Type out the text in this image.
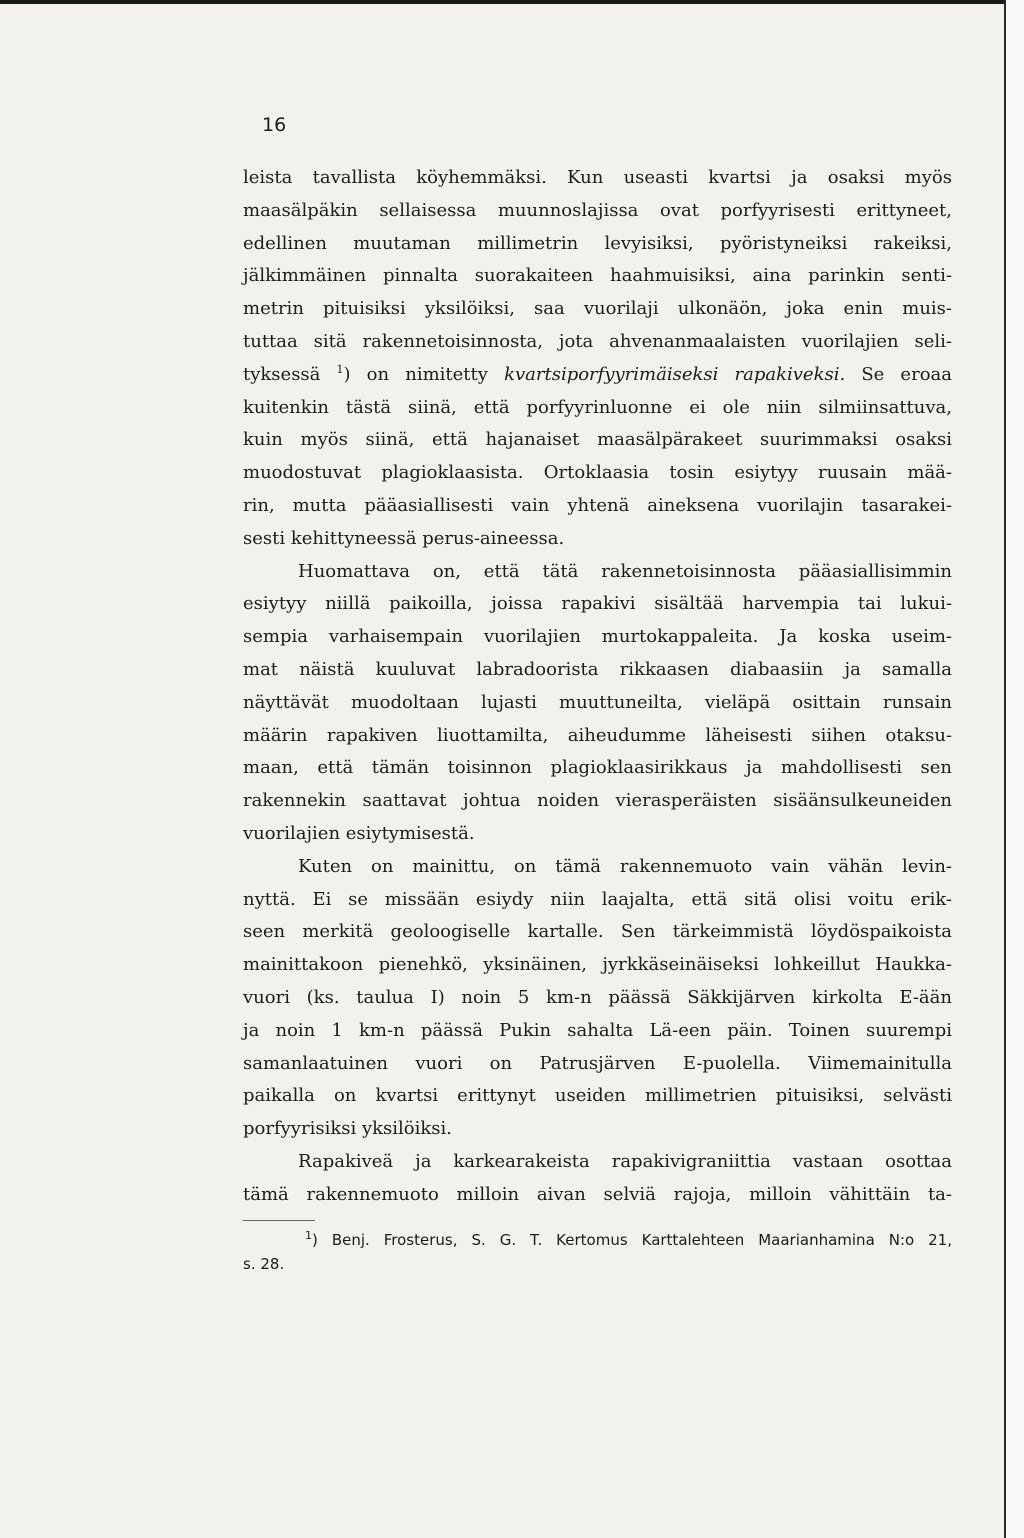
16
leista tavallista köyhemmäksi. Kun useasti kvartsi ja osaksi myös
maasälpäkin sellaisessa muunnoslajissa ovat porfyyrisesti erittyneet,
edellinen muutaman millimetrin levyisiksi, pyöristyneiksi rakeiksi,
jälkimmäinen pinnalta suorakaiteen haahmuisiksi, aina parinkin senti-
metrin pituisiksi yksilöiksi, saa vuorilaji ulkonäön, joka enin muis-
tuttaa sitä rakennetoisinnosta, jota ahvenanmaalaisten vuorilajien seli-
tyksessä $^1$) on nimitetty kvartsiporfyyrimäiseksi rapakiveksi. Se eroaa
kuitenkin tästä siinä, että porfyyrinluonne ei ole niin silmiinsattuva,
kuin myös siinä, että hajanaiset maasälpärakeet suurimmaksi osaksi
muodostuvat plagioklaasista. Ortoklaasia tosin esiytyy ruusain mää-
rin, mutta pääasiallisesti vain yhtenä aineksena vuorilajin tasarakei-
sesti kehittyneessä perus-aineessa.
Huomattava on, että tätä rakennetoisinnosta pääasiallisimmin
esiytyy niillä paikoilla, joissa rapakivi sisältää harvempia tai lukui-
sempia varhaisempain vuorilajien murtokappaleita. Ja koska useim-
mat näistä kuuluvat labradoorista rikkaasen diabaasiin ja samalla
näyttävät muodoltaan lujasti muuttuneilta, vieläpä osittain runsain
määrin rapakiven liuottamilta, aiheudumme läheisesti siihen otaksu-
maan, että tämän toisinnon plagioklaasirikkaus ja mahdollisesti sen
rakennekin saattavat johtua noiden vierasperäisten sisäänsulkeuneiden
vuorilajien esiytymisestä.
Kuten on mainittu, on tämä rakennemuoto vain vähän levin-
nyttä. Ei se missään esiydy niin laajalta, että sitä olisi voitu erik-
seen merkitä geoloogiselle kartalle. Sen tärkeimmistä löydöspaikoista
mainittakoon pienehkö, yksinäinen, jyrkkäseinäiseksi lohkeillut Haukka-
vuori (ks. taulua I) noin 5 km-n päässä Säkkijärven kirkolta E-ään
ja noin 1 km-n päässä Pukin sahalta Lä-een päin. Toinen suurempi
samanlaatuinen vuori on Patrusjärven E-puolella. Viimemainitulla
paikalla on kvartsi erittynyt useiden millimetrien pituisiksi, selvästi
porfyyrisiksi yksilöiksi.
Rapakiveä ja karkearakeista rapakivigraniittia vastaan osottaa
tämä rakennemuoto milloin aivan selviä rajoja, milloin vähittäin ta-
$^1$) Benj. Frosterus, S. G. T. Kertomus Karttalehteen Maarianhamina N:o 21,
s. 28.
